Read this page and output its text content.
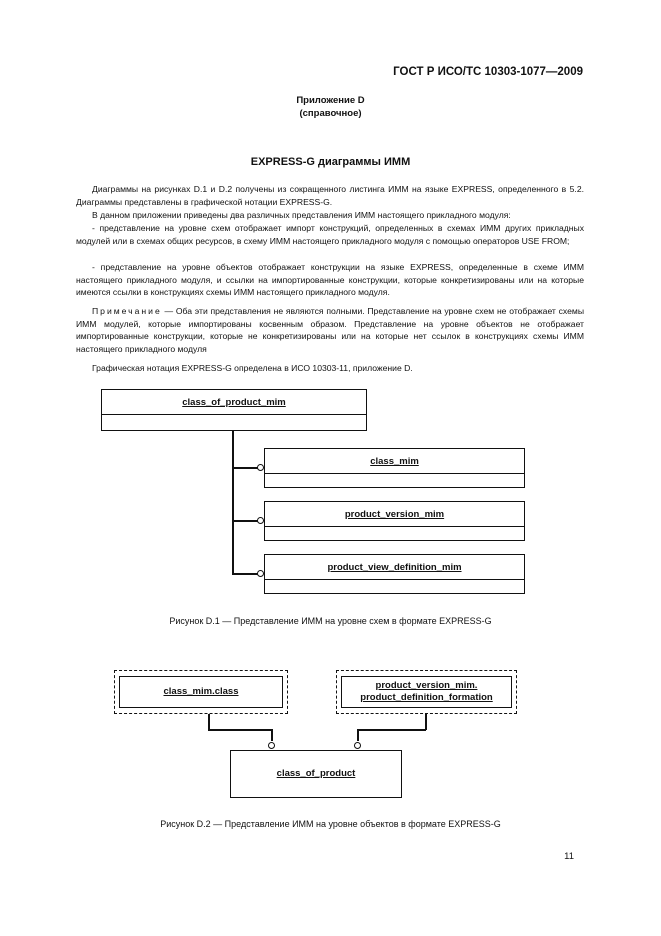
ГОСТ Р ИСО/ТС 10303-1077—2009
Приложение D
(справочное)
EXPRESS-G диаграммы ИММ

Диаграммы на рисунках D.1 и D.2 получены из сокращенного листинга ИММ на языке EXPRESS, определенного в 5.2. Диаграммы представлены в графической нотации EXPRESS-G.

В данном приложении приведены два различных представления ИММ настоящего прикладного модуля:

- представление на уровне схем отображает импорт конструкций, определенных в схемах ИММ других прикладных модулей или в схемах общих ресурсов, в схему ИММ настоящего прикладного модуля с помощью операторов USE FROM;

- представление на уровне объектов отображает конструкции на языке EXPRESS, определенные в схеме ИММ настоящего прикладного модуля, и ссылки на импортированные конструкции, которые конкретизированы или на которые имеются ссылки в конструкциях схемы ИММ настоящего прикладного модуля.

Примечание — Оба эти представления не являются полными. Представление на уровне схем не отображает схемы ИММ модулей, которые импортированы косвенным образом. Представление на уровне объектов не отображает импортированные конструкции, которые не конкретизированы или на которые нет ссылок в конструкциях схемы ИММ настоящего прикладного модуля

Графическая нотация EXPRESS-G определена в ИСО 10303-11, приложение D.

class_of_product_mim
class_mim
product_version_mim
product_view_definition_mim
Рисунок D.1 — Представление ИММ на уровне схем в формате EXPRESS-G
class_mim.class
product_version_mim.
product_definition_formation
class_of_product
Рисунок D.2 — Представление ИММ на уровне объектов в формате EXPRESS-G
11
